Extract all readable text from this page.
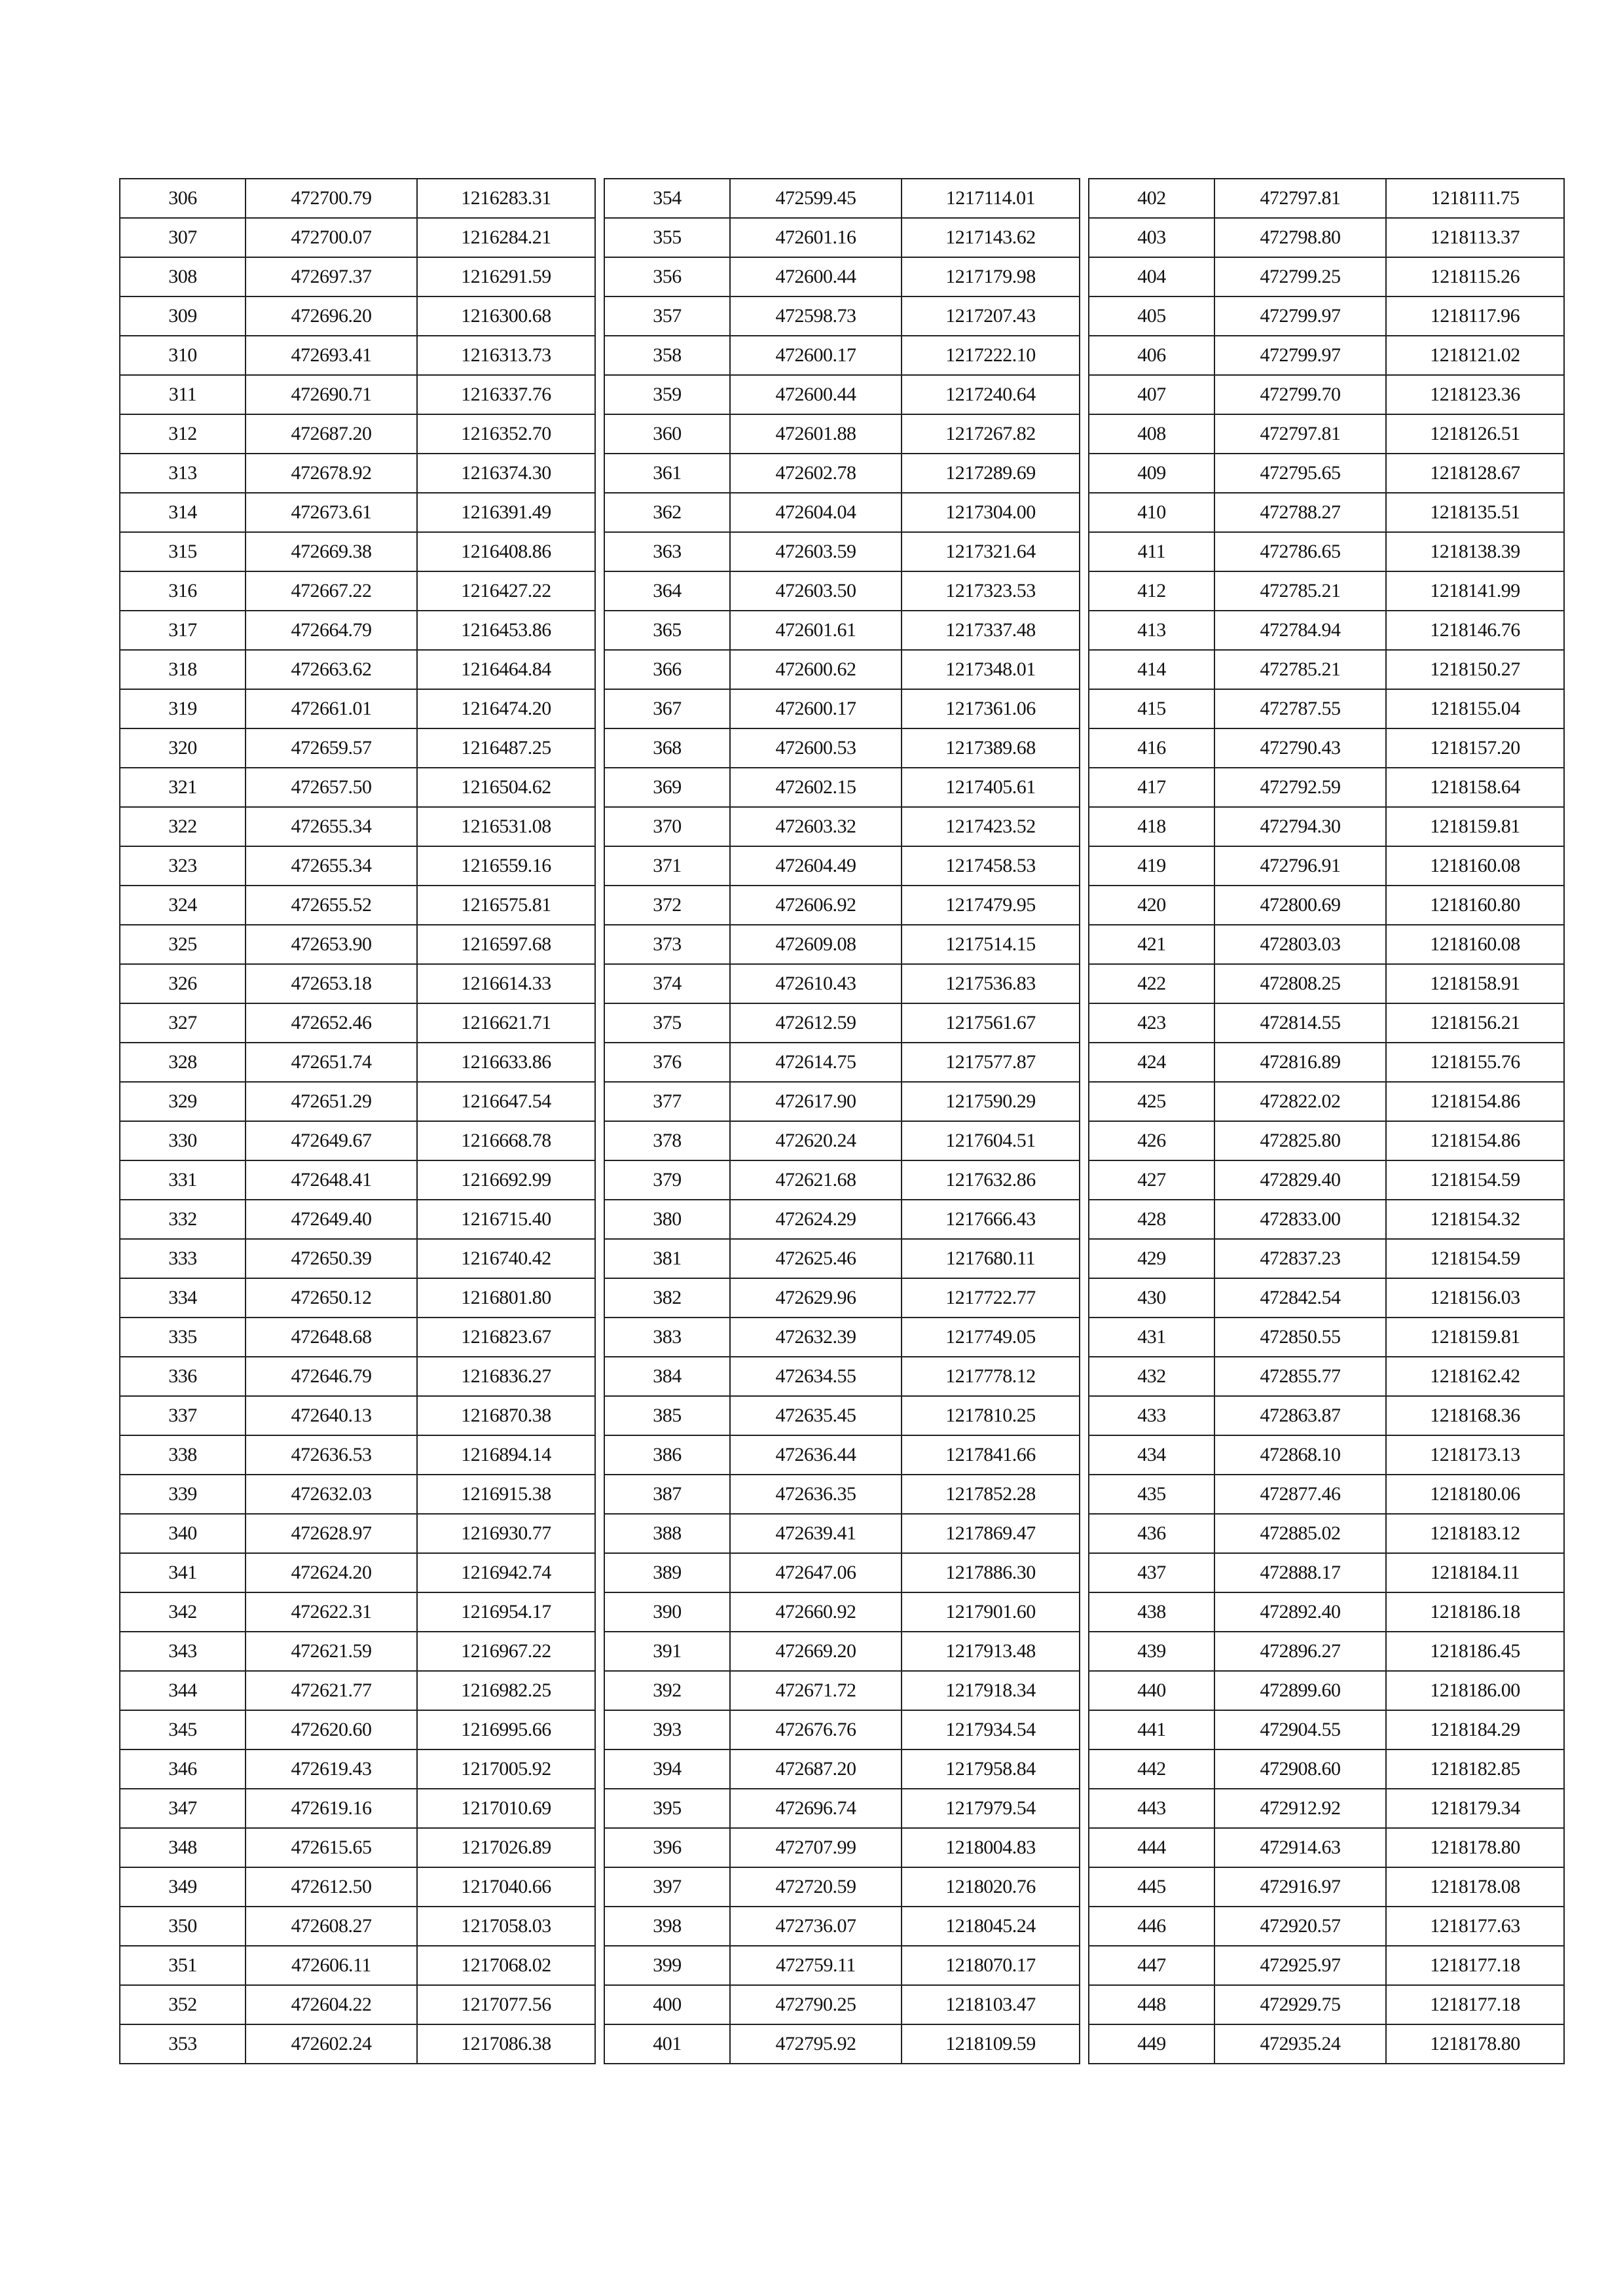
306	472700.79	1216283.31
307	472700.07	1216284.21
308	472697.37	1216291.59
309	472696.20	1216300.68
310	472693.41	1216313.73
311	472690.71	1216337.76
312	472687.20	1216352.70
313	472678.92	1216374.30
314	472673.61	1216391.49
315	472669.38	1216408.86
316	472667.22	1216427.22
317	472664.79	1216453.86
318	472663.62	1216464.84
319	472661.01	1216474.20
320	472659.57	1216487.25
321	472657.50	1216504.62
322	472655.34	1216531.08
323	472655.34	1216559.16
324	472655.52	1216575.81
325	472653.90	1216597.68
326	472653.18	1216614.33
327	472652.46	1216621.71
328	472651.74	1216633.86
329	472651.29	1216647.54
330	472649.67	1216668.78
331	472648.41	1216692.99
332	472649.40	1216715.40
333	472650.39	1216740.42
334	472650.12	1216801.80
335	472648.68	1216823.67
336	472646.79	1216836.27
337	472640.13	1216870.38
338	472636.53	1216894.14
339	472632.03	1216915.38
340	472628.97	1216930.77
341	472624.20	1216942.74
342	472622.31	1216954.17
343	472621.59	1216967.22
344	472621.77	1216982.25
345	472620.60	1216995.66
346	472619.43	1217005.92
347	472619.16	1217010.69
348	472615.65	1217026.89
349	472612.50	1217040.66
350	472608.27	1217058.03
351	472606.11	1217068.02
352	472604.22	1217077.56
353	472602.24	1217086.38
354	472599.45	1217114.01
355	472601.16	1217143.62
356	472600.44	1217179.98
357	472598.73	1217207.43
358	472600.17	1217222.10
359	472600.44	1217240.64
360	472601.88	1217267.82
361	472602.78	1217289.69
362	472604.04	1217304.00
363	472603.59	1217321.64
364	472603.50	1217323.53
365	472601.61	1217337.48
366	472600.62	1217348.01
367	472600.17	1217361.06
368	472600.53	1217389.68
369	472602.15	1217405.61
370	472603.32	1217423.52
371	472604.49	1217458.53
372	472606.92	1217479.95
373	472609.08	1217514.15
374	472610.43	1217536.83
375	472612.59	1217561.67
376	472614.75	1217577.87
377	472617.90	1217590.29
378	472620.24	1217604.51
379	472621.68	1217632.86
380	472624.29	1217666.43
381	472625.46	1217680.11
382	472629.96	1217722.77
383	472632.39	1217749.05
384	472634.55	1217778.12
385	472635.45	1217810.25
386	472636.44	1217841.66
387	472636.35	1217852.28
388	472639.41	1217869.47
389	472647.06	1217886.30
390	472660.92	1217901.60
391	472669.20	1217913.48
392	472671.72	1217918.34
393	472676.76	1217934.54
394	472687.20	1217958.84
395	472696.74	1217979.54
396	472707.99	1218004.83
397	472720.59	1218020.76
398	472736.07	1218045.24
399	472759.11	1218070.17
400	472790.25	1218103.47
401	472795.92	1218109.59
402	472797.81	1218111.75
403	472798.80	1218113.37
404	472799.25	1218115.26
405	472799.97	1218117.96
406	472799.97	1218121.02
407	472799.70	1218123.36
408	472797.81	1218126.51
409	472795.65	1218128.67
410	472788.27	1218135.51
411	472786.65	1218138.39
412	472785.21	1218141.99
413	472784.94	1218146.76
414	472785.21	1218150.27
415	472787.55	1218155.04
416	472790.43	1218157.20
417	472792.59	1218158.64
418	472794.30	1218159.81
419	472796.91	1218160.08
420	472800.69	1218160.80
421	472803.03	1218160.08
422	472808.25	1218158.91
423	472814.55	1218156.21
424	472816.89	1218155.76
425	472822.02	1218154.86
426	472825.80	1218154.86
427	472829.40	1218154.59
428	472833.00	1218154.32
429	472837.23	1218154.59
430	472842.54	1218156.03
431	472850.55	1218159.81
432	472855.77	1218162.42
433	472863.87	1218168.36
434	472868.10	1218173.13
435	472877.46	1218180.06
436	472885.02	1218183.12
437	472888.17	1218184.11
438	472892.40	1218186.18
439	472896.27	1218186.45
440	472899.60	1218186.00
441	472904.55	1218184.29
442	472908.60	1218182.85
443	472912.92	1218179.34
444	472914.63	1218178.80
445	472916.97	1218178.08
446	472920.57	1218177.63
447	472925.97	1218177.18
448	472929.75	1218177.18
449	472935.24	1218178.80
